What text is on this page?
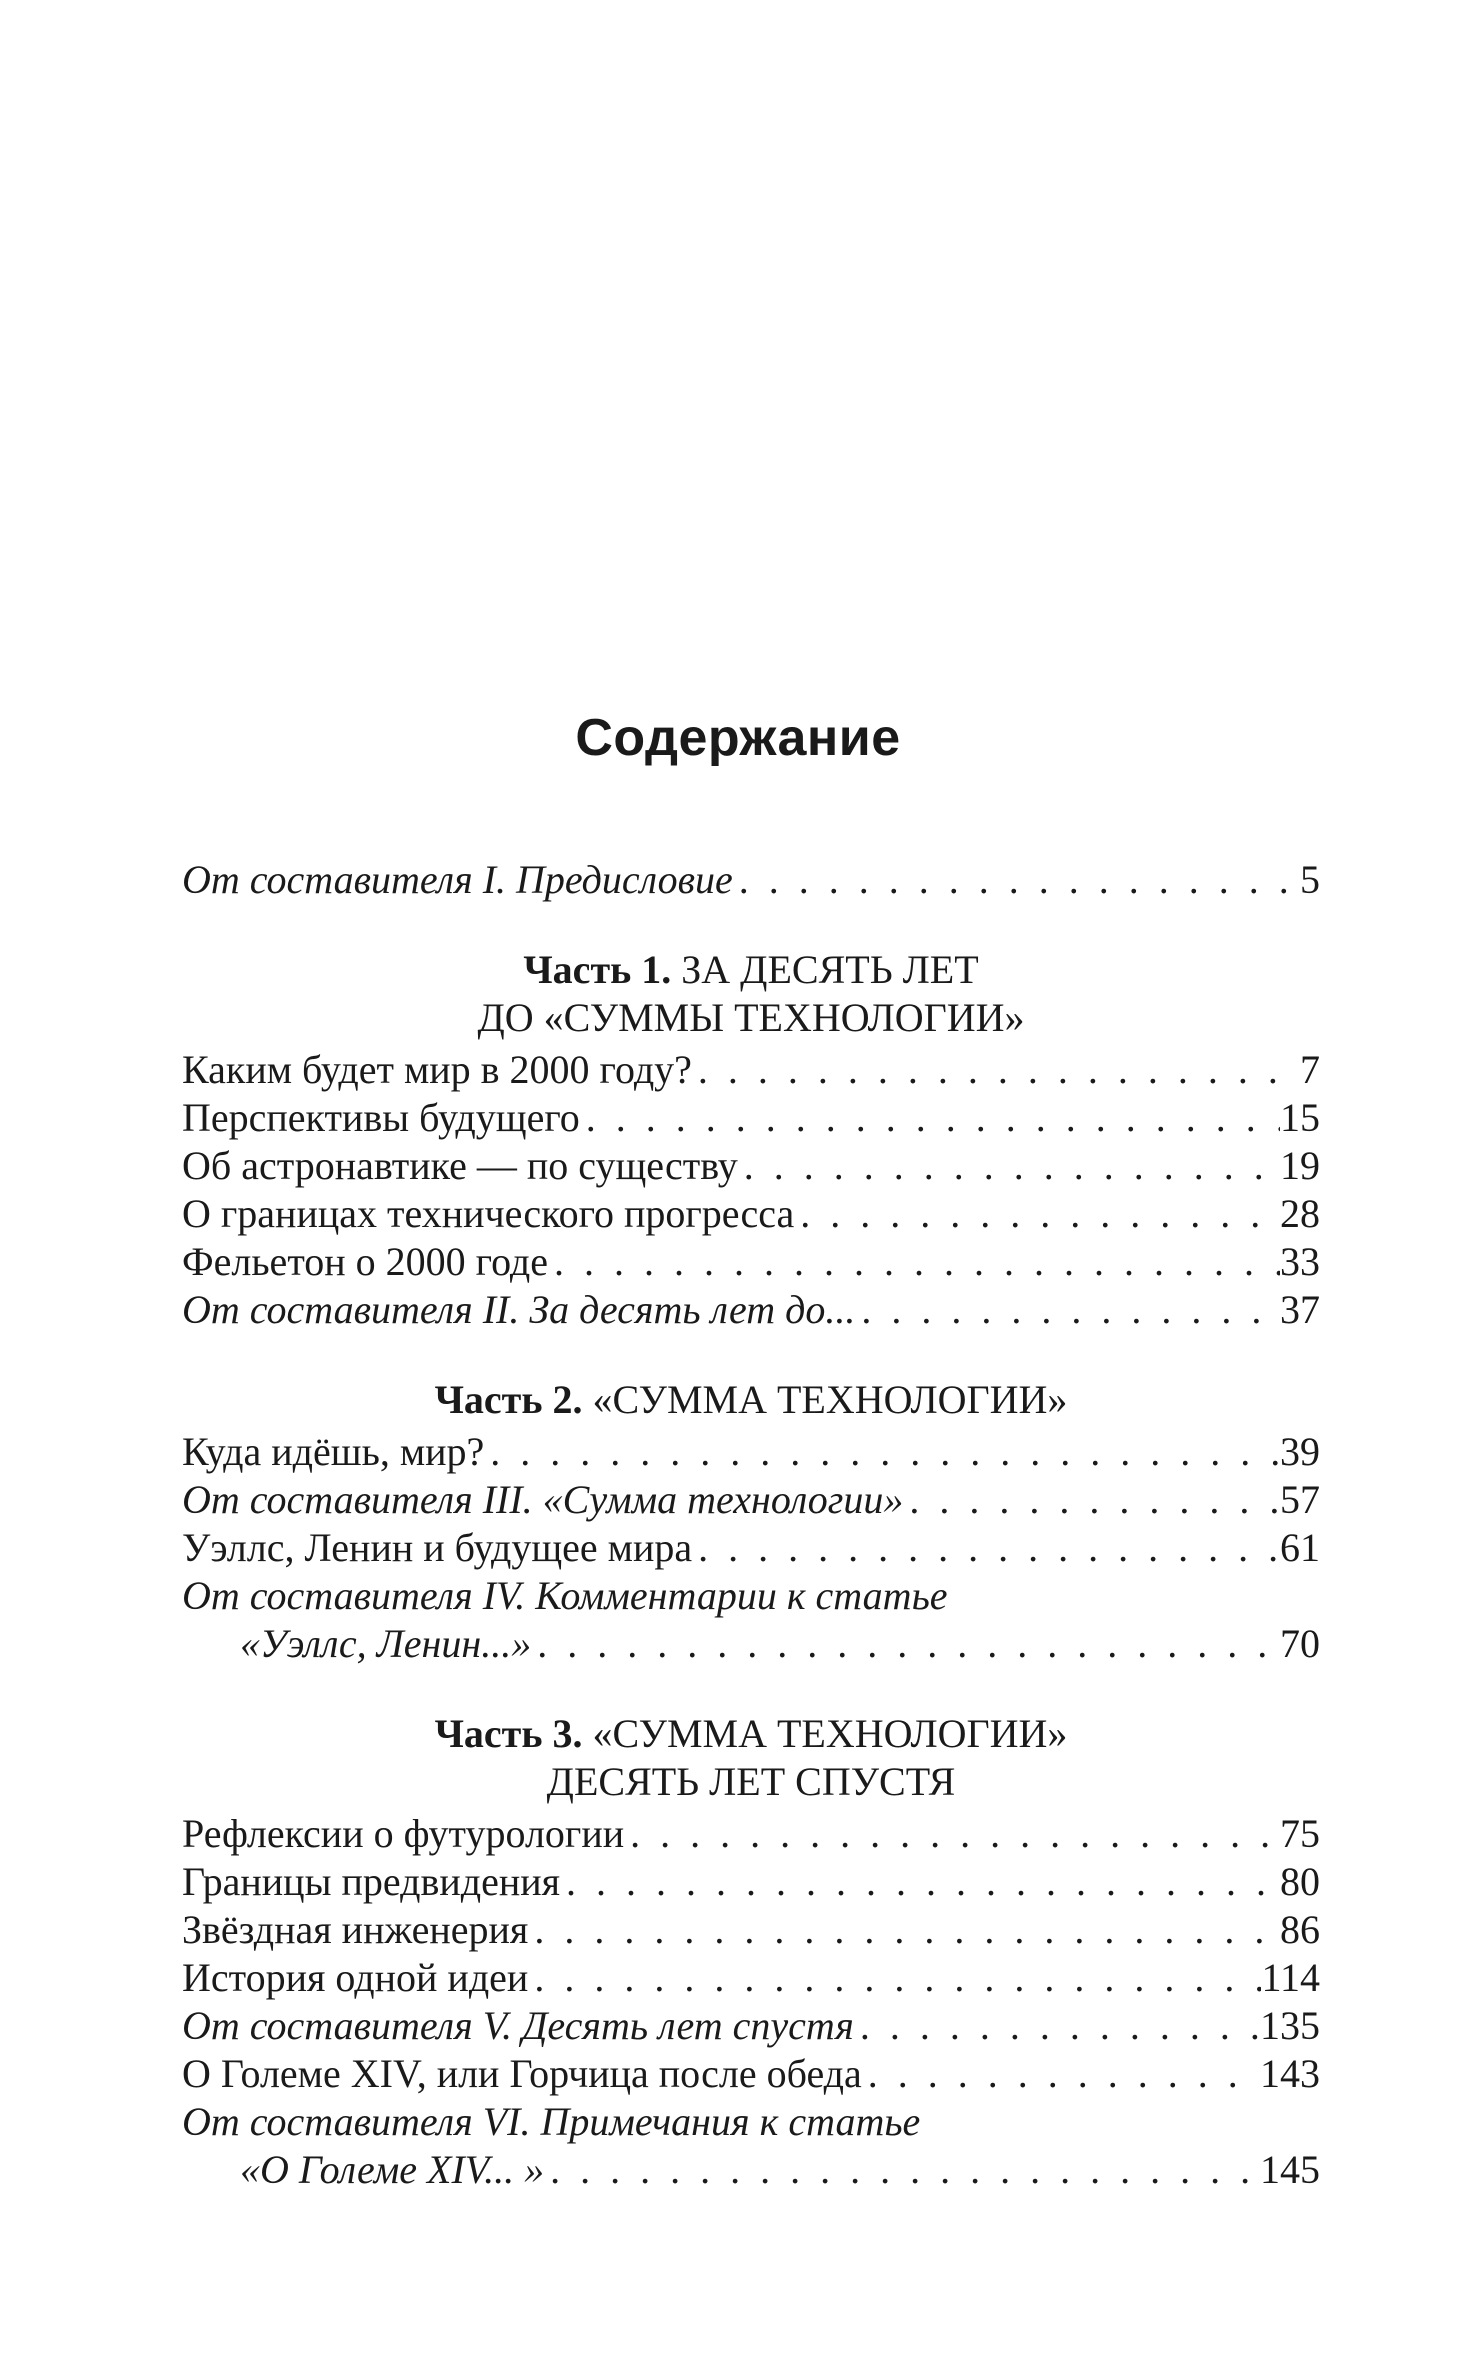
Содержание
От составителя I. Предисловие . . .	5
Часть 1. ЗА ДЕСЯТЬ ЛЕТ
ДО «СУММЫ ТЕХНОЛОГИИ»
Каким будет мир в 2000 году? . . .	7
Перспективы будущего . . .	15
Об астронавтике — по существу . . .	19
О границах технического прогресса . . .	28
Фельетон о 2000 годе . . .	33
От составителя II. За десять лет до... . . .	37
Часть 2. «СУММА ТЕХНОЛОГИИ»
Куда идёшь, мир? . . .	39
От составителя III. «Сумма технологии» . . .	57
Уэллс, Ленин и будущее мира . . .	61
От составителя IV. Комментарии к статье
«Уэллс, Ленин...» . . .	70
Часть 3. «СУММА ТЕХНОЛОГИИ»
ДЕСЯТЬ ЛЕТ СПУСТЯ
Рефлексии о футурологии . . .	75
Границы предвидения . . .	80
Звёздная инженерия . . .	86
История одной идеи . . .	114
От составителя V. Десять лет спустя . . .	135
О Големе XIV, или Горчица после обеда . . .	143
От составителя VI. Примечания к статье
«О Големе XIV... » . . .	145
